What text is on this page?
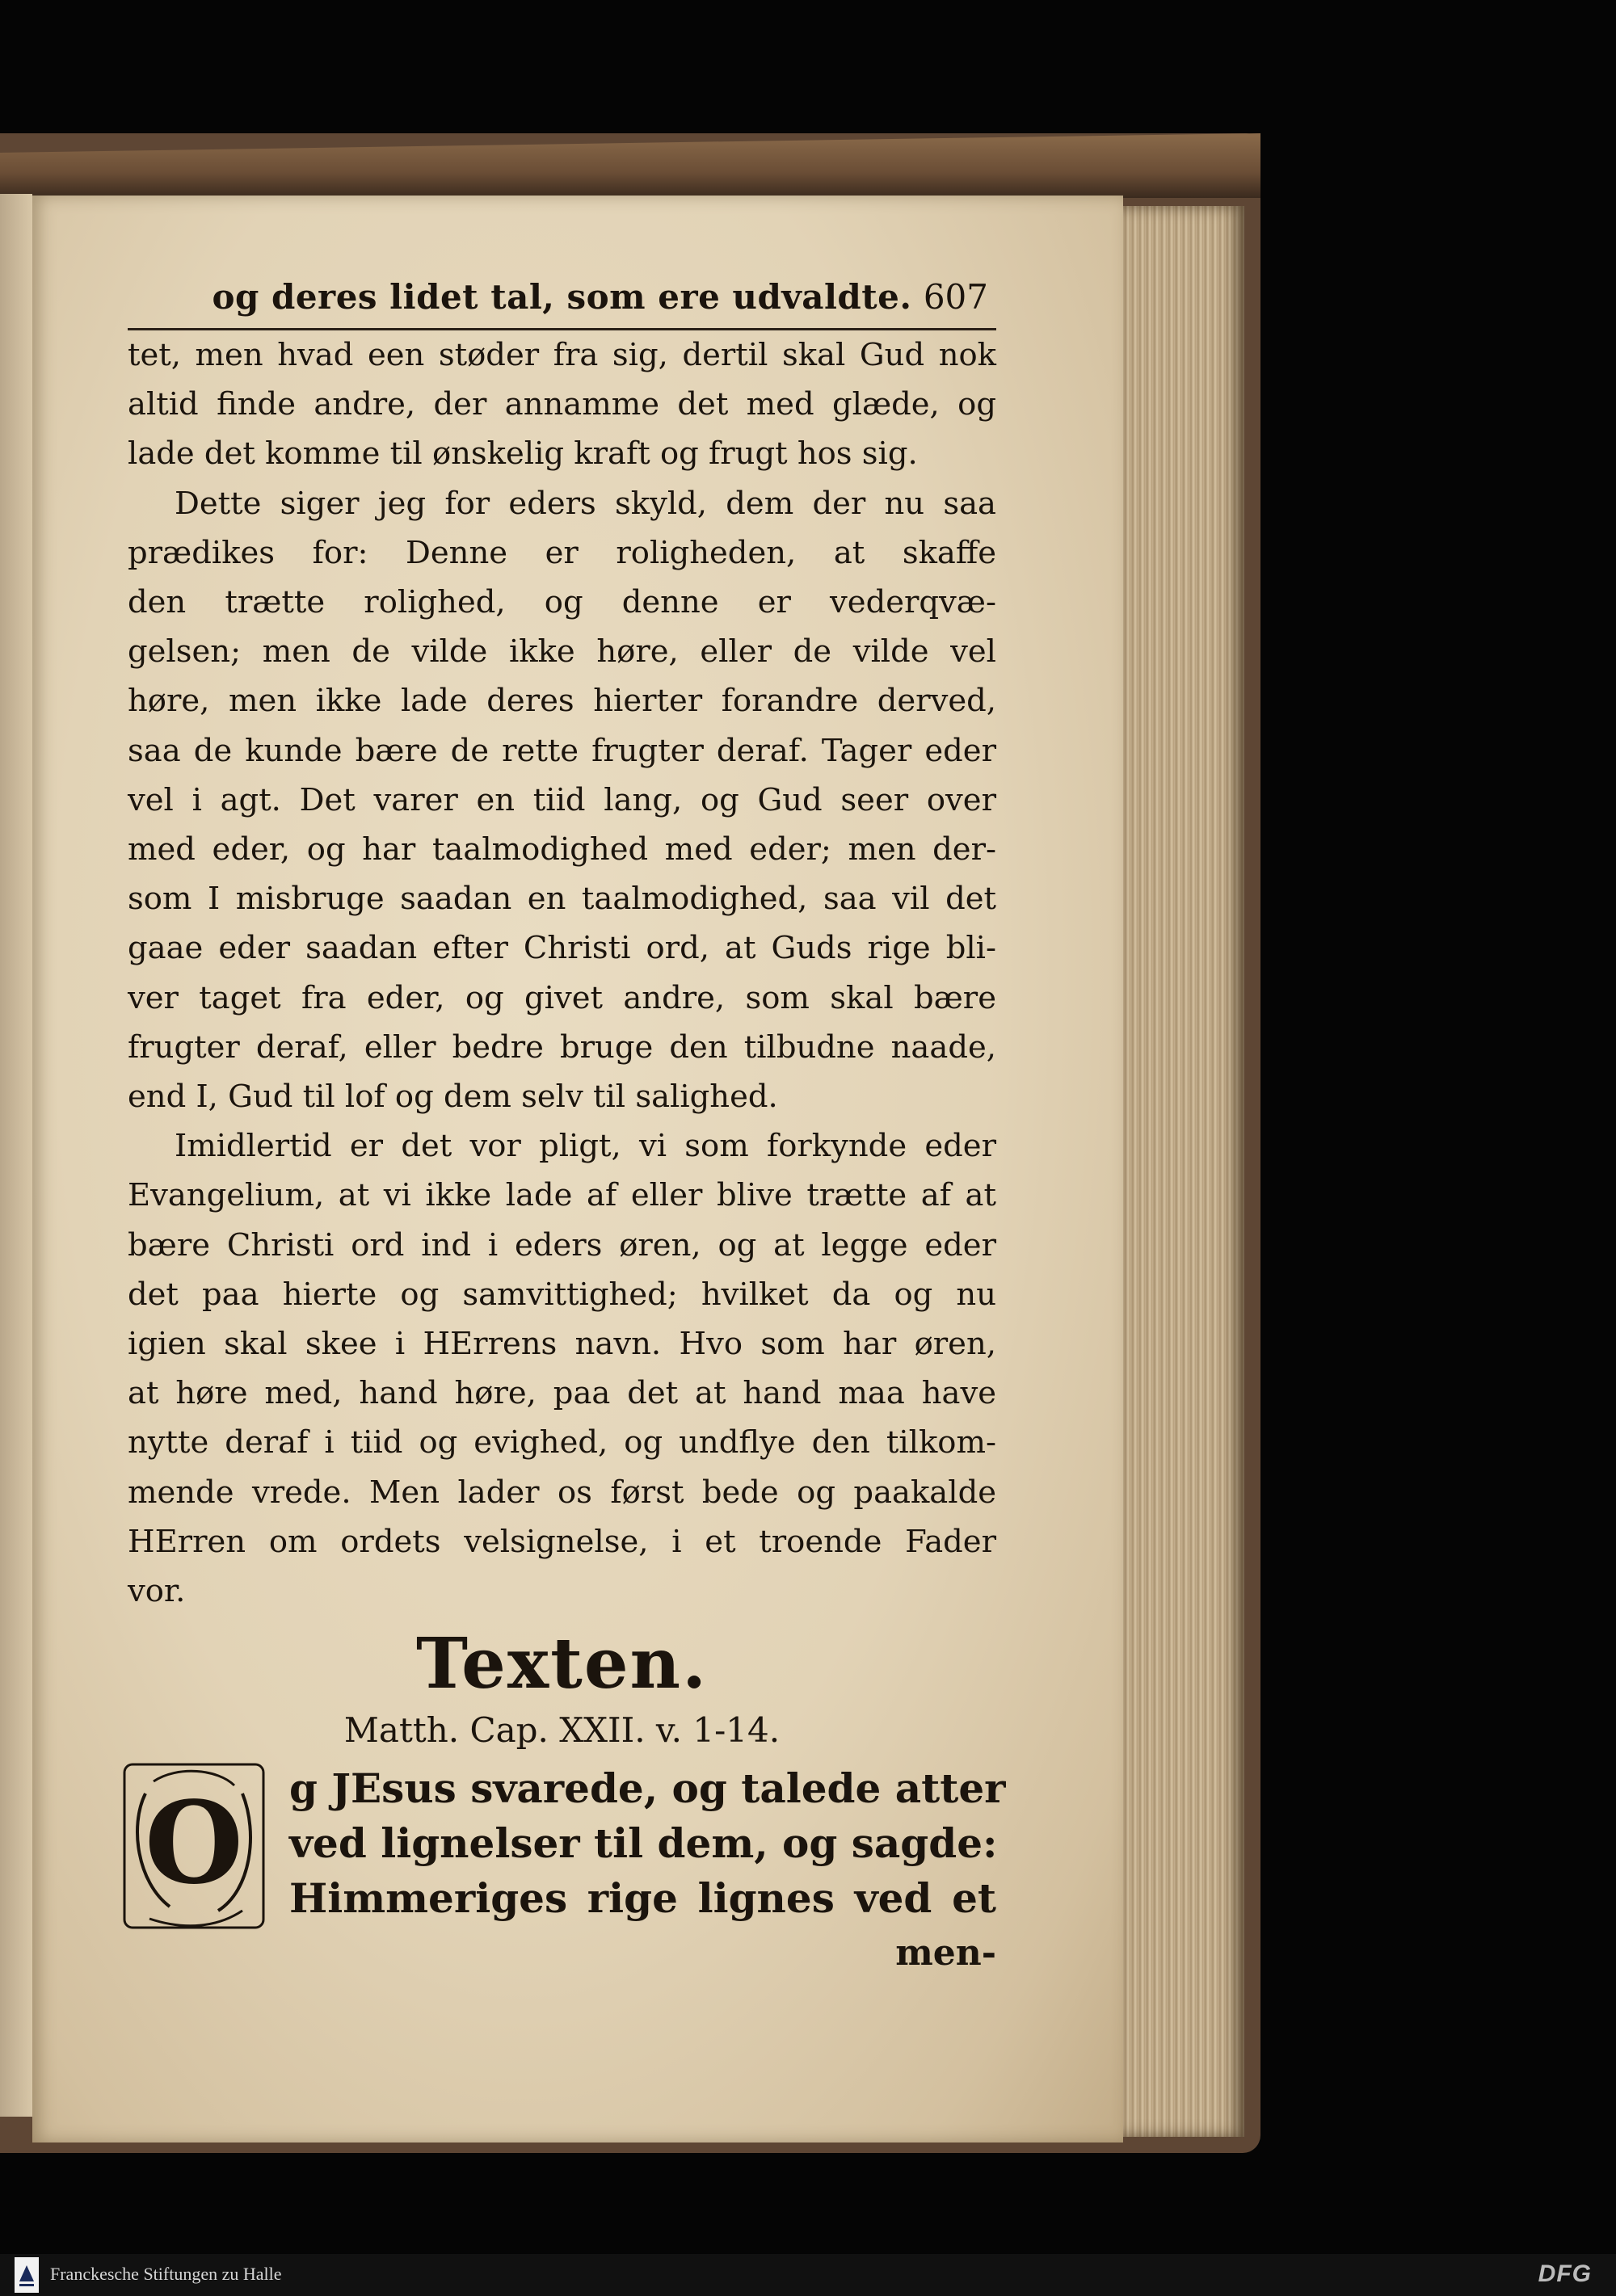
og deres lidet tal, som ere udvaldte. 607

tet, men hvad een støder fra sig, dertil skal Gud nok
altid finde andre, der annamme det med glæde, og
lade det komme til ønskelig kraft og frugt hos sig.

Dette siger jeg for eders skyld, dem der nu saa
prædikes for: Denne er roligheden, at skaffe
den trætte rolighed, og denne er vederqvæ-
gelsen; men de vilde ikke høre, eller de vilde vel
høre, men ikke lade deres hierter forandre derved,
saa de kunde bære de rette frugter deraf. Tager eder
vel i agt. Det varer en tiid lang, og Gud seer over
med eder, og har taalmodighed med eder; men der-
som I misbruge saadan en taalmodighed, saa vil det
gaae eder saadan efter Christi ord, at Guds rige bli-
ver taget fra eder, og givet andre, som skal bære
frugter deraf, eller bedre bruge den tilbudne naade,
end I, Gud til lof og dem selv til salighed.

Imidlertid er det vor pligt, vi som forkynde eder
Evangelium, at vi ikke lade af eller blive trætte af at
bære Christi ord ind i eders øren, og at legge eder
det paa hierte og samvittighed; hvilket da og nu
igien skal skee i HErrens navn. Hvo som har øren,
at høre med, hand høre, paa det at hand maa have
nytte deraf i tiid og evighed, og undflye den tilkom-
mende vrede. Men lader os først bede og paakalde
HErren om ordets velsignelse, i et troende Fader
vor.

Texten.

Matth. Cap. XXII. v. 1-14.

O	g JEsus svarede, og talede atter
ved lignelser til dem, og sagde:
Himmeriges rige lignes ved et
men-
Franckesche Stiftungen zu Halle	DFG
